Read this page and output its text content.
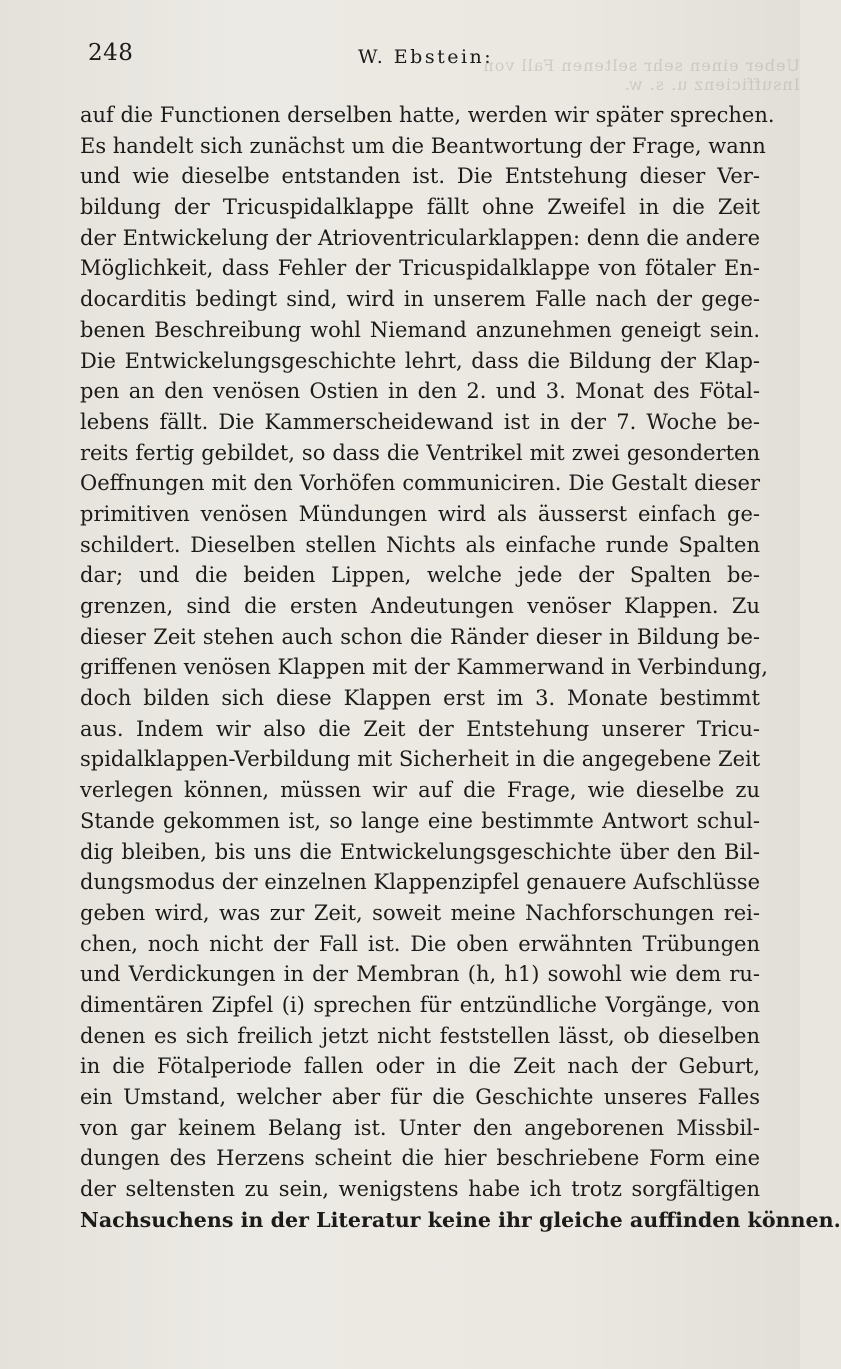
248	W. Ebstein:
Ueber einen sehr seltenen Fall von Insufficienz u. s. w.
auf die Functionen derselben hatte, werden wir später sprechen.
Es handelt sich zunächst um die Beantwortung der Frage, wann
und wie dieselbe entstanden ist. Die Entstehung dieser Ver-
bildung der Tricuspidalklappe fällt ohne Zweifel in die Zeit
der Entwickelung der Atrioventricularklappen: denn die andere
Möglichkeit, dass Fehler der Tricuspidalklappe von fötaler En-
docarditis bedingt sind, wird in unserem Falle nach der gege-
benen Beschreibung wohl Niemand anzunehmen geneigt sein.
Die Entwickelungsgeschichte lehrt, dass die Bildung der Klap-
pen an den venösen Ostien in den 2. und 3. Monat des Fötal-
lebens fällt. Die Kammerscheidewand ist in der 7. Woche be-
reits fertig gebildet, so dass die Ventrikel mit zwei gesonderten
Oeffnungen mit den Vorhöfen communiciren. Die Gestalt dieser
primitiven venösen Mündungen wird als äusserst einfach ge-
schildert. Dieselben stellen Nichts als einfache runde Spalten
dar; und die beiden Lippen, welche jede der Spalten be-
grenzen, sind die ersten Andeutungen venöser Klappen. Zu
dieser Zeit stehen auch schon die Ränder dieser in Bildung be-
griffenen venösen Klappen mit der Kammerwand in Verbindung,
doch bilden sich diese Klappen erst im 3. Monate bestimmt
aus. Indem wir also die Zeit der Entstehung unserer Tricu-
spidalklappen-Verbildung mit Sicherheit in die angegebene Zeit
verlegen können, müssen wir auf die Frage, wie dieselbe zu
Stande gekommen ist, so lange eine bestimmte Antwort schul-
dig bleiben, bis uns die Entwickelungsgeschichte über den Bil-
dungsmodus der einzelnen Klappenzipfel genauere Aufschlüsse
geben wird, was zur Zeit, soweit meine Nachforschungen rei-
chen, noch nicht der Fall ist. Die oben erwähnten Trübungen
und Verdickungen in der Membran (h, h1) sowohl wie dem ru-
dimentären Zipfel (i) sprechen für entzündliche Vorgänge, von
denen es sich freilich jetzt nicht feststellen lässt, ob dieselben
in die Fötalperiode fallen oder in die Zeit nach der Geburt,
ein Umstand, welcher aber für die Geschichte unseres Falles
von gar keinem Belang ist. Unter den angeborenen Missbil-
dungen des Herzens scheint die hier beschriebene Form eine
der seltensten zu sein, wenigstens habe ich trotz sorgfältigen
Nachsuchens in der Literatur keine ihr gleiche auffinden können.
